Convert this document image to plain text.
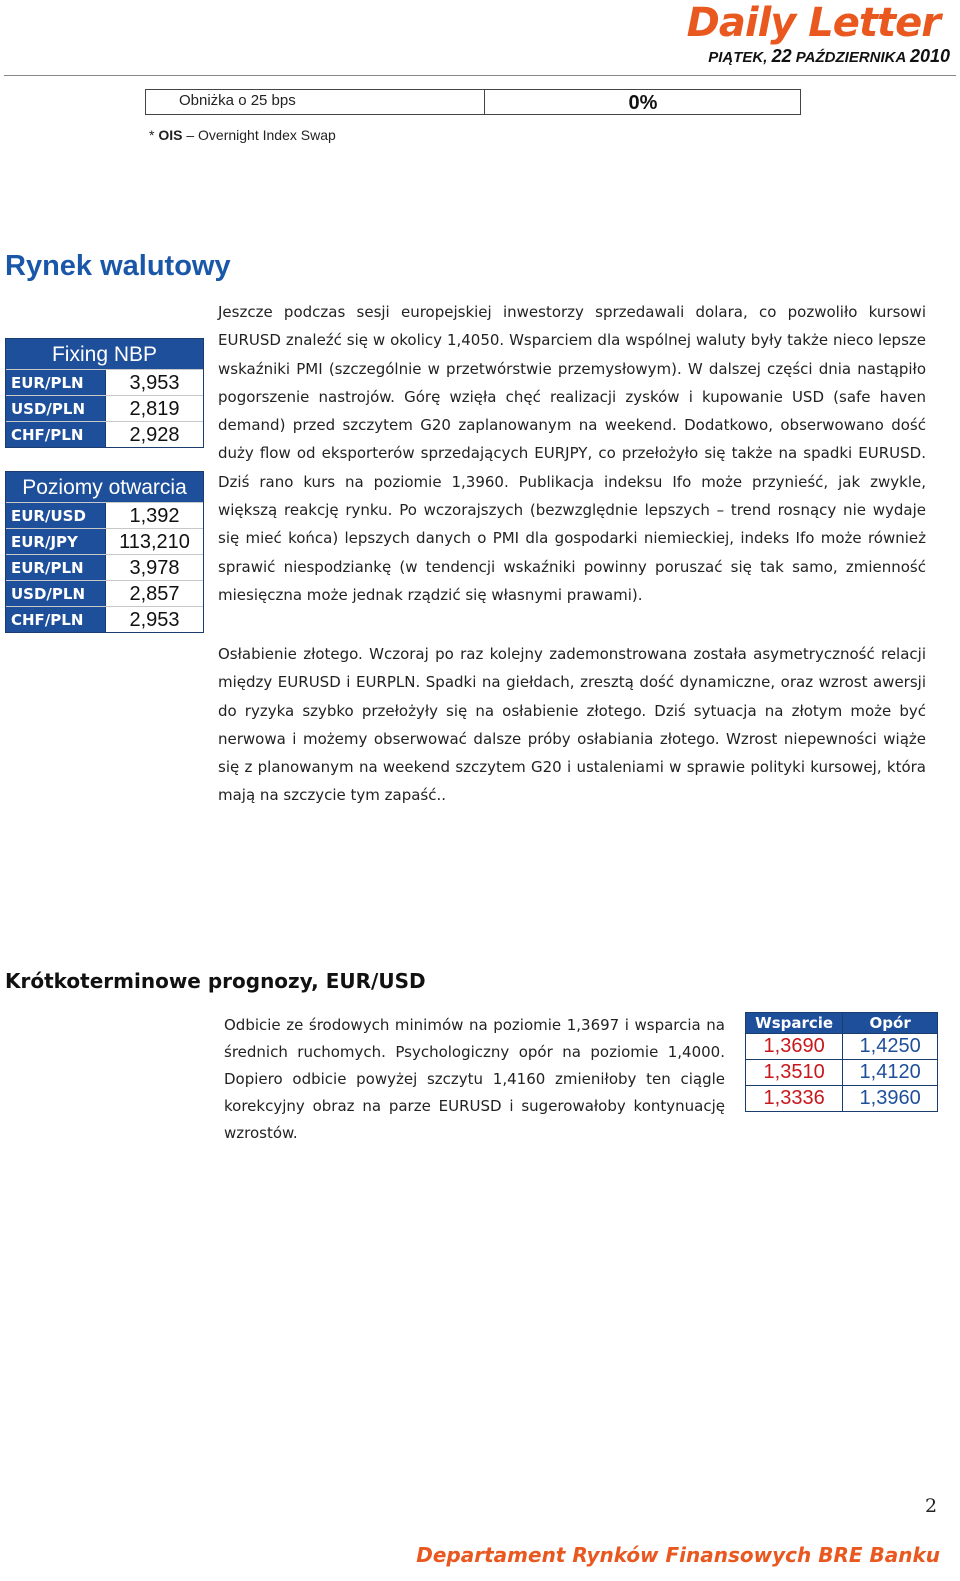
Daily Letter
PIĄTEK, 22 PAŹDZIERNIKA 2010
Obniżka o 25 bps	0%
* OIS – Overnight Index Swap
Rynek walutowy
Fixing NBP
EUR/PLN	3,953
USD/PLN	2,819
CHF/PLN	2,928
Poziomy otwarcia
EUR/USD	1,392
EUR/JPY	113,210
EUR/PLN	3,978
USD/PLN	2,857
CHF/PLN	2,953
Jeszcze podczas sesji europejskiej inwestorzy sprzedawali dolara, co pozwoliło kursowi EURUSD znaleźć się w okolicy 1,4050. Wsparciem dla wspólnej waluty były także nieco lepsze wskaźniki PMI (szczególnie w przetwórstwie przemysłowym). W dalszej części dnia nastąpiło pogorszenie nastrojów. Górę wzięła chęć realizacji zysków i kupowanie USD (safe haven demand) przed szczytem G20 zaplanowanym na weekend. Dodatkowo, obserwowano dość duży flow od eksporterów sprzedających EURJPY, co przełożyło się także na spadki EURUSD. Dziś rano kurs na poziomie 1,3960. Publikacja indeksu Ifo może przynieść, jak zwykle, większą reakcję rynku. Po wczorajszych (bezwzględnie lepszych – trend rosnący nie wydaje się mieć końca) lepszych danych o PMI dla gospodarki niemieckiej, indeks Ifo może również sprawić niespodziankę (w tendencji wskaźniki powinny poruszać się tak samo, zmienność miesięczna może jednak rządzić się własnymi prawami).
Osłabienie złotego. Wczoraj po raz kolejny zademonstrowana została asymetryczność relacji między EURUSD i EURPLN. Spadki na giełdach, zresztą dość dynamiczne, oraz wzrost awersji do ryzyka szybko przełożyły się na osłabienie złotego. Dziś sytuacja na złotym może być nerwowa i możemy obserwować dalsze próby osłabiania złotego. Wzrost niepewności wiąże się z planowanym na weekend szczytem G20 i ustaleniami w sprawie polityki kursowej, która mają na szczycie tym zapaść..
Krótkoterminowe prognozy, EUR/USD
Odbicie ze środowych minimów na poziomie 1,3697 i wsparcia na średnich ruchomych. Psychologiczny opór na poziomie 1,4000. Dopiero odbicie powyżej szczytu 1,4160 zmieniłoby ten ciągle korekcyjny obraz na parze EURUSD i sugerowałoby kontynuację wzrostów.
Wsparcie	Opór
1,3690	1,4250
1,3510	1,4120
1,3336	1,3960
2
Departament Rynków Finansowych BRE Banku
